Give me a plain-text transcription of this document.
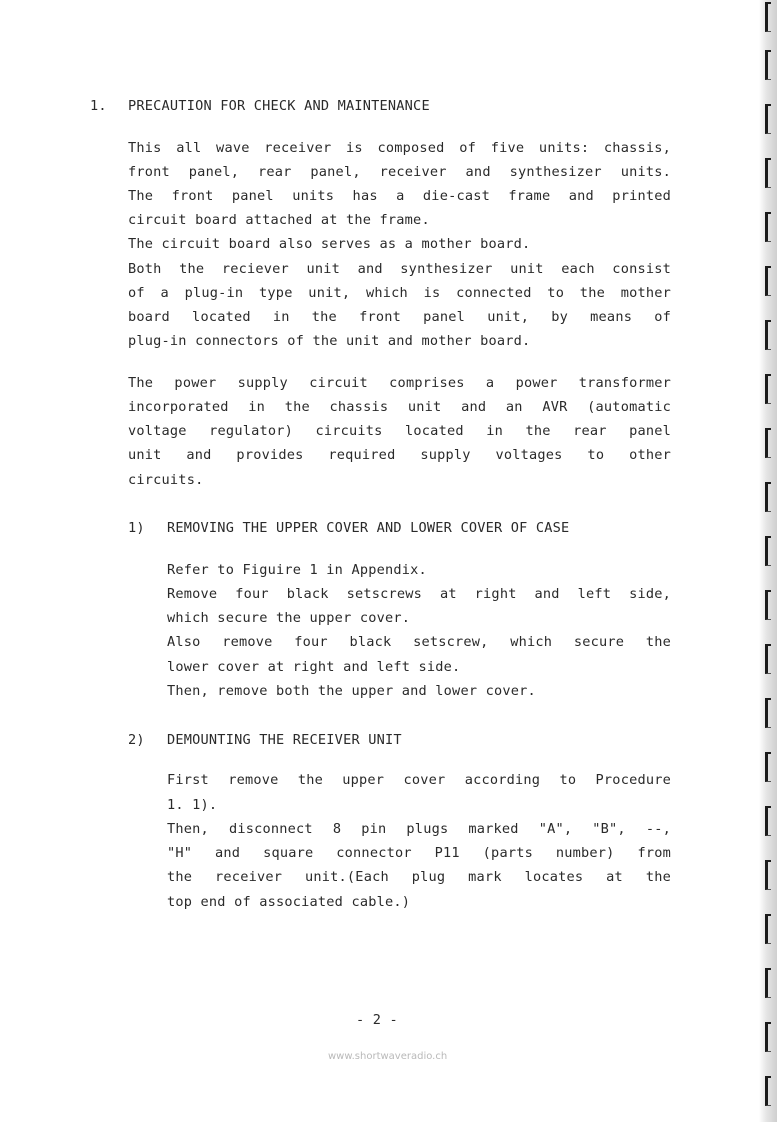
1. PRECAUTION FOR CHECK AND MAINTENANCE
This all wave receiver is composed of five units: chassis,
front panel, rear panel, receiver and synthesizer units.
The front panel units has a die-cast frame and printed
circuit board attached at the frame.
The circuit board also serves as a mother board.
Both the reciever unit and synthesizer unit each consist
of a plug-in type unit, which is connected to the mother
board located in the front panel unit, by means of
plug-in connectors of the unit and mother board.
The power supply circuit comprises a power transformer
incorporated in the chassis unit and an AVR (automatic
voltage regulator) circuits located in the rear panel
unit and provides required supply voltages to other
circuits.
1) REMOVING THE UPPER COVER AND LOWER COVER OF CASE
Refer to Figuire 1 in Appendix.
Remove four black setscrews at right and left side,
which secure the upper cover.
Also remove four black setscrew, which secure the
lower cover at right and left side.
Then, remove both the upper and lower cover.
2) DEMOUNTING THE RECEIVER UNIT
First remove the upper cover according to Procedure
1. 1).
Then, disconnect 8 pin plugs marked "A", "B", --,
"H" and square connector P11 (parts number) from
the receiver unit.(Each plug mark locates at the
top end of associated cable.)
- 2 -
www.shortwaveradio.ch
